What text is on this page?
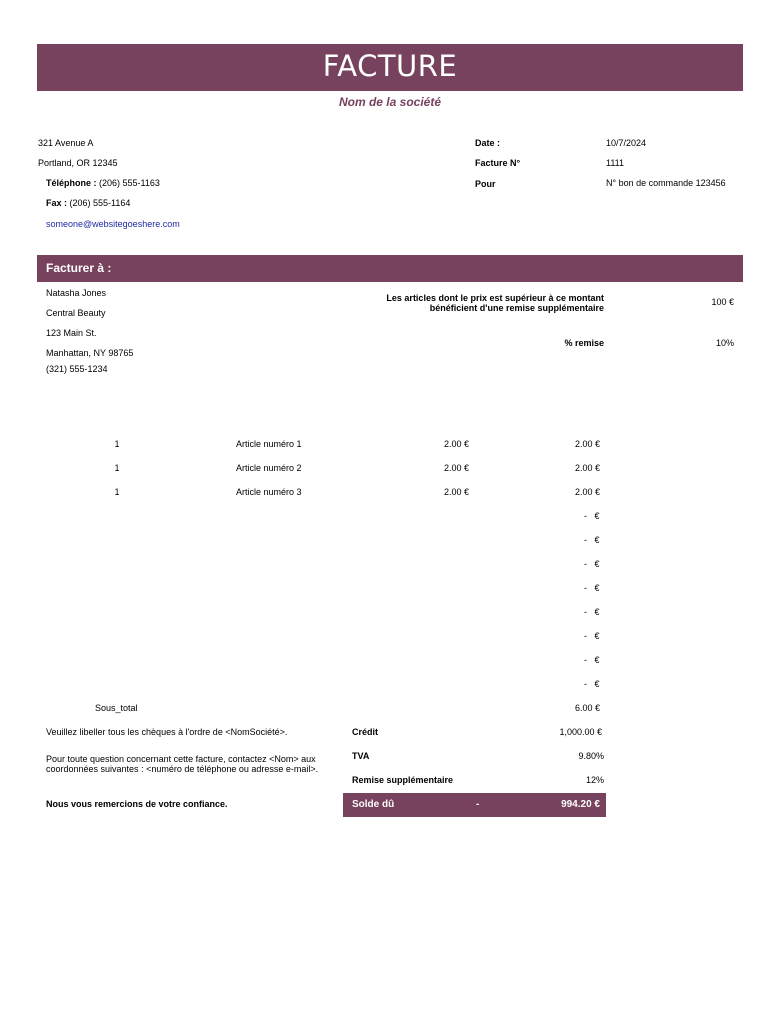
FACTURE
Nom de la société
321 Avenue A
Portland, OR 12345
Téléphone : (206) 555-1163
Fax : (206) 555-1164
someone@websitegoeshere.com
Date :	10/7/2024
Facture N°	1111
Pour	N° bon de commande 123456
Facturer à :
Natasha Jones
Central Beauty
123 Main St.
Manhattan, NY 98765
(321) 555-1234
Les articles dont le prix est supérieur à ce montant
bénéficient d'une remise supplémentaire
100 €
% remise	10%
1	Article numéro 1	2.00 €	2.00 €
1	Article numéro 2	2.00 €	2.00 €
1	Article numéro 3	2.00 €	2.00 €
- €
- €
- €
- €
- €
- €
- €
- €
Sous_total	6.00 €
Veuillez libeller tous les chèques à l'ordre de <NomSociété>.
Pour toute question concernant cette facture, contactez <Nom> aux
coordonnées suivantes : <numéro de téléphone ou adresse e-mail>.
Nous vous remercions de votre confiance.
Crédit	1,000.00 €
TVA	9.80%
Remise supplémentaire	12%
Solde dû	-	994.20 €
